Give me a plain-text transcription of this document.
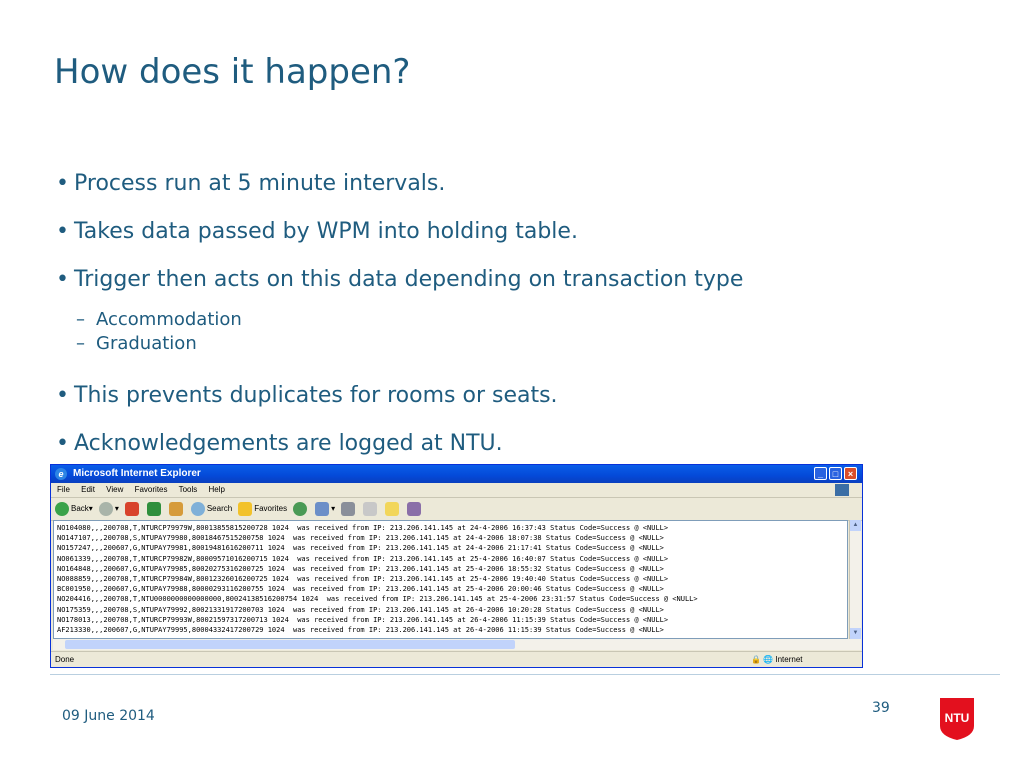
How does it happen?
• Process run at 5 minute intervals.
• Takes data passed by WPM into holding table.
• Trigger then acts on this data depending on transaction type
– Accommodation
– Graduation
• This prevents duplicates for rooms or seats.
• Acknowledgements are logged at NTU.
e Microsoft Internet Explorer	_	□	×
File Edit View Favorites Tools Help
Back ▾	▾	Search	Favorites	▾
NO104080,,,200708,T,NTURCP79979W,80013855815200728 1024  was received from IP: 213.206.141.145 at 24-4-2006 16:37:43 Status Code=Success @ <NULL>
NO147107,,,200708,S,NTUPAY79980,80018467515200758 1024  was received from IP: 213.206.141.145 at 24-4-2006 18:07:38 Status Code=Success @ <NULL>
NO157247,,,200607,G,NTUPAY79981,80019481616200711 1024  was received from IP: 213.206.141.145 at 24-4-2006 21:17:41 Status Code=Success @ <NULL>
NO061339,,,200708,T,NTURCP79982W,80009571016200715 1024  was received from IP: 213.206.141.145 at 25-4-2006 16:40:07 Status Code=Success @ <NULL>
NO164848,,,200607,G,NTUPAY79985,80020275316200725 1024  was received from IP: 213.206.141.145 at 25-4-2006 18:55:32 Status Code=Success @ <NULL>
NO088859,,,200708,T,NTURCP79984W,80012326016200725 1024  was received from IP: 213.206.141.145 at 25-4-2006 19:40:40 Status Code=Success @ <NULL>
BC001950,,,200607,G,NTUPAY79988,80000293116200755 1024  was received from IP: 213.206.141.145 at 25-4-2006 20:00:46 Status Code=Success @ <NULL>
NO204416,,,200708,T,NTU0000000000000000,80024138516200754 1024  was received from IP: 213.206.141.145 at 25-4-2006 23:31:57 Status Code=Success @ <NULL>
NO175359,,,200708,S,NTUPAY79992,80021331917200703 1024  was received from IP: 213.206.141.145 at 26-4-2006 10:20:28 Status Code=Success @ <NULL>
NO178013,,,200708,T,NTURCP79993W,80021597317200713 1024  was received from IP: 213.206.141.145 at 26-4-2006 11:15:39 Status Code=Success @ <NULL>
AF213330,,,200607,G,NTUPAY79995,80004332417200729 1024  was received from IP: 213.206.141.145 at 26-4-2006 11:15:39 Status Code=Success @ <NULL>
▲
▼
Done	🔒 🌐 Internet
09 June 2014	39
NTU
